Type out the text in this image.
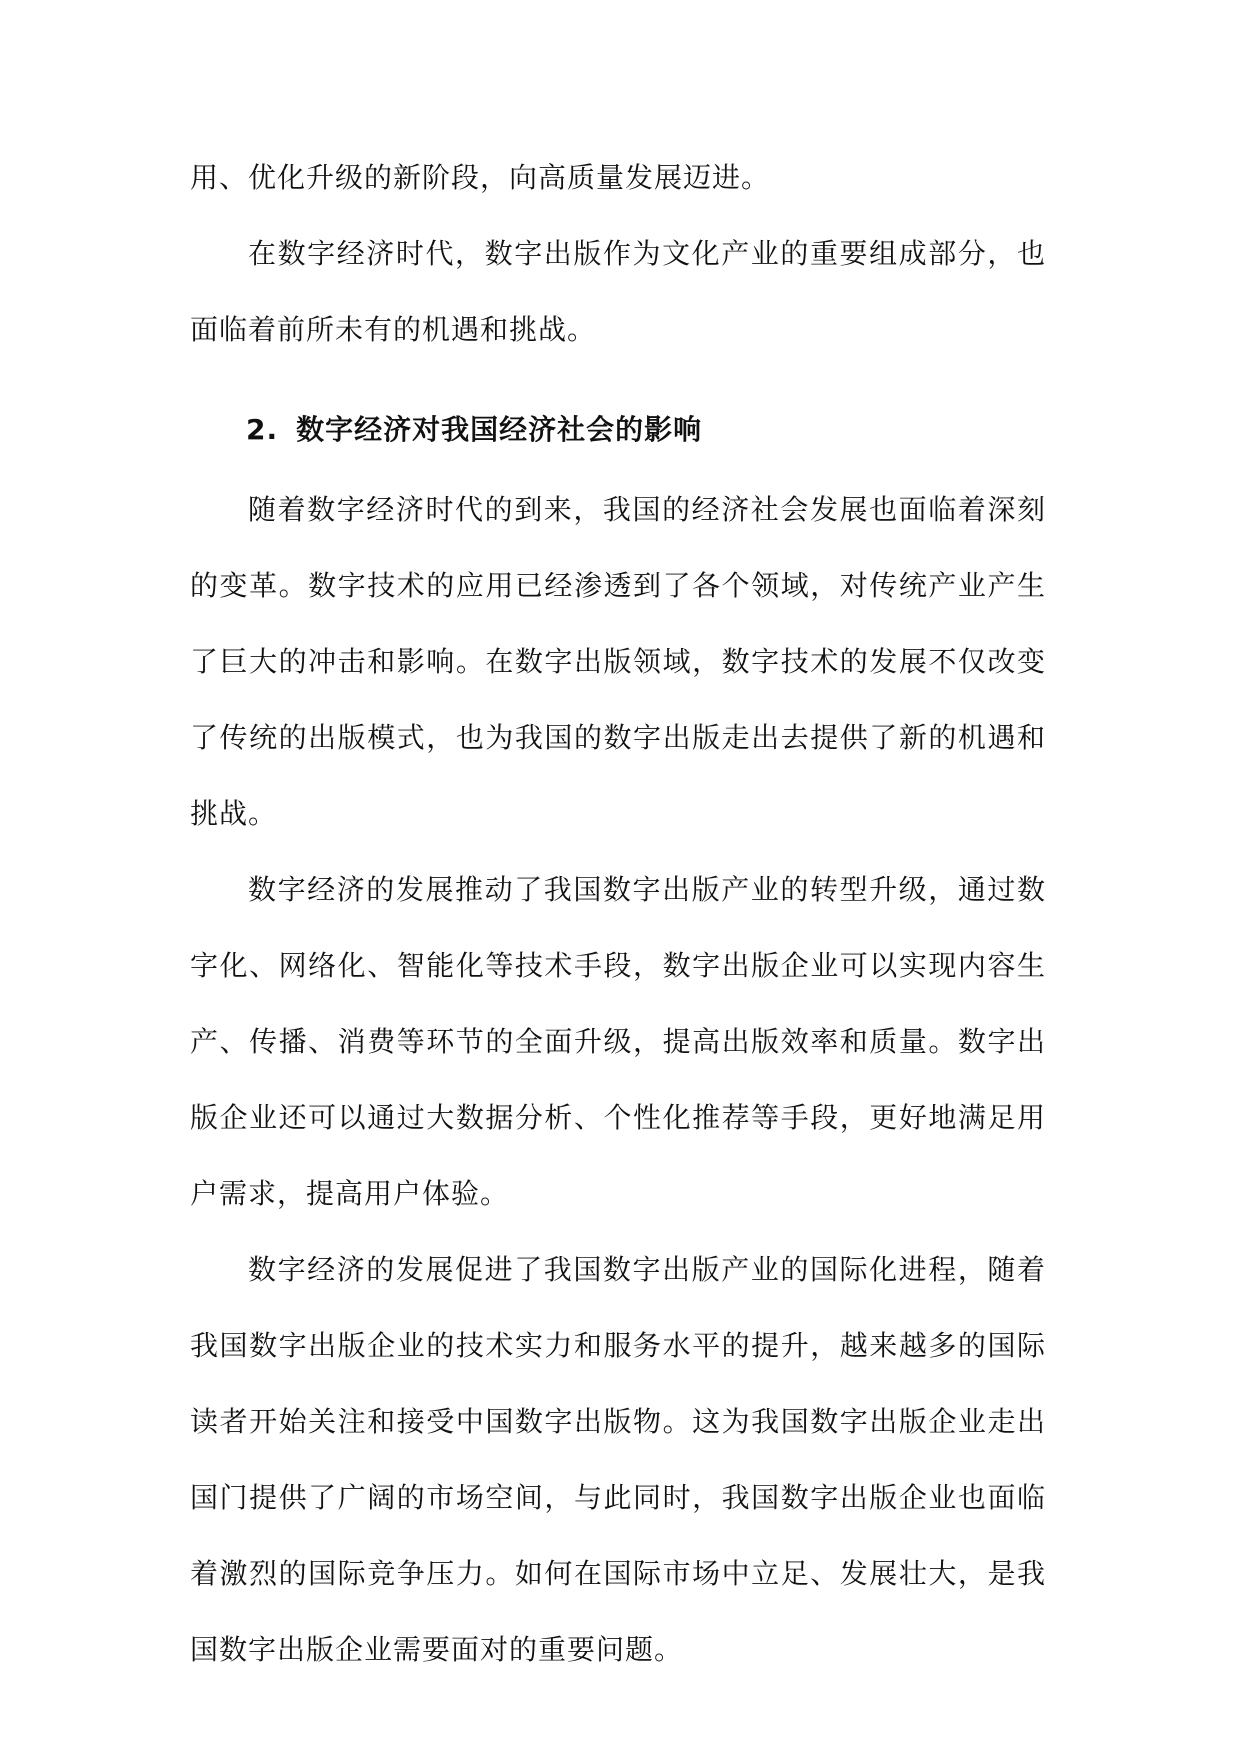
用、优化升级的新阶段，向高质量发展迈进。

在数字经济时代，数字出版作为文化产业的重要组成部分，也面临着前所未有的机遇和挑战。

2. 数字经济对我国经济社会的影响

随着数字经济时代的到来，我国的经济社会发展也面临着深刻的变革。数字技术的应用已经渗透到了各个领域，对传统产业产生了巨大的冲击和影响。在数字出版领域，数字技术的发展不仅改变了传统的出版模式，也为我国的数字出版走出去提供了新的机遇和挑战。

数字经济的发展推动了我国数字出版产业的转型升级，通过数字化、网络化、智能化等技术手段，数字出版企业可以实现内容生产、传播、消费等环节的全面升级，提高出版效率和质量。数字出版企业还可以通过大数据分析、个性化推荐等手段，更好地满足用户需求，提高用户体验。

数字经济的发展促进了我国数字出版产业的国际化进程，随着我国数字出版企业的技术实力和服务水平的提升，越来越多的国际读者开始关注和接受中国数字出版物。这为我国数字出版企业走出国门提供了广阔的市场空间，与此同时，我国数字出版企业也面临着激烈的国际竞争压力。如何在国际市场中立足、发展壮大，是我国数字出版企业需要面对的重要问题。
